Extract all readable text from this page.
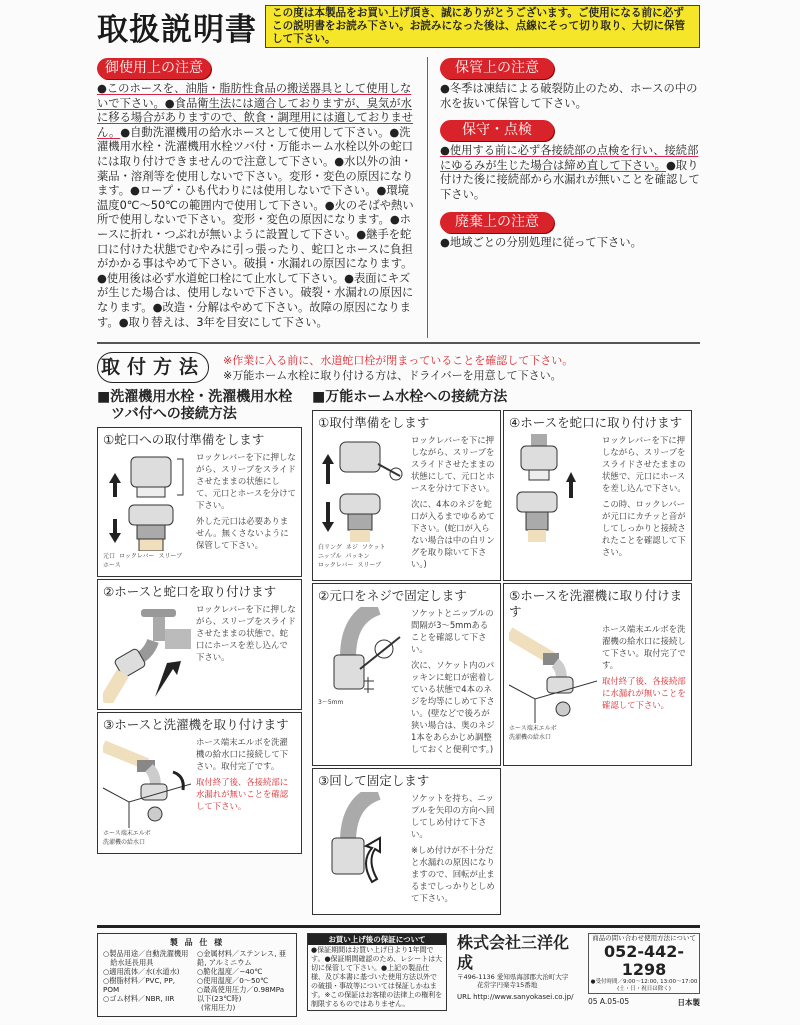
取扱説明書	この度は本製品をお買い上げ頂き、誠にありがとうございます。ご使用になる前に必ずこの説明書をお読み下さい。お読みになった後は、点線にそって切り取り、大切に保管して下さい。
御使用上の注意
●このホースを、油脂・脂肪性食品の搬送器具として使用しないで下さい。●食品衛生法には適合しておりますが、臭気が水に移る場合がありますので、飲食・調理用には適しておりません。●自動洗濯機用の給水ホースとして使用して下さい。●洗濯機用水栓・洗濯機用水栓ツバ付・万能ホーム水栓以外の蛇口には取り付けできませんので注意して下さい。●水以外の油・薬品・溶剤等を使用しないで下さい。変形・変色の原因になります。●ロープ・ひも代わりには使用しないで下さい。●環境温度0℃〜50℃の範囲内で使用して下さい。●火のそばや熱い所で使用しないで下さい。変形・変色の原因になります。●ホースに折れ・つぶれが無いように設置して下さい。●継手を蛇口に付けた状態でむやみに引っ張ったり、蛇口とホースに負担がかかる事はやめて下さい。破損・水漏れの原因になります。●使用後は必ず水道蛇口栓にて止水して下さい。●表面にキズが生じた場合は、使用しないで下さい。破裂・水漏れの原因になります。●改造・分解はやめて下さい。故障の原因になります。●取り替えは、3年を目安にして下さい。
保管上の注意
●冬季は凍結による破裂防止のため、ホースの中の水を抜いて保管して下さい。
保守・点検
●使用する前に必ず各接続部の点検を行い、接続部にゆるみが生じた場合は締め直して下さい。●取り付けた後に接続部から水漏れが無いことを確認して下さい。
廃棄上の注意
●地域ごとの分別処理に従って下さい。
取付方法	※作業に入る前に、水道蛇口栓が閉まっていることを確認して下さい。
※万能ホーム水栓に取り付ける方は、ドライバーを用意して下さい。
■洗濯機用水栓・洗濯機用水栓
ツバ付への接続方法
①蛇口への取付準備をします
元口 ロックレバー スリーブ
ホース
ロックレバーを下に押しながら、スリーブをスライドさせたままの状態にして、元口とホースを分けて下さい。
外した元口は必要ありません。無くさないように保管して下さい。
②ホースと蛇口を取り付けます
ロックレバーを下に押しながら、スリーブをスライドさせたままの状態で、蛇口にホースを差し込んで下さい。
③ホースと洗濯機を取り付けます
ホース端末エルボ
洗濯機の給水口
ホース端末エルボを洗濯機の給水口に接続して下さい。取付完了です。
取付終了後、各接続部に水漏れが無いことを確認して下さい。
■万能ホーム水栓への接続方法
①取付準備をします
白リング ネジ ソケット
ニップル パッキン
ロックレバー スリーブ
ロックレバーを下に押しながら、スリーブをスライドさせたままの状態にして、元口とホースを分けて下さい。
次に、4本のネジを蛇口が入るまでゆるめて下さい。(蛇口が入らない場合は中の白リングを取り除いて下さい。)
④ホースを蛇口に取り付けます
ロックレバーを下に押しながら、スリーブをスライドさせたままの状態で、元口にホースを差し込んで下さい。
この時、ロックレバーが元口にカチッと音がしてしっかりと接続されたことを確認して下さい。
②元口をネジで固定します
3〜5mm
ソケットとニップルの間隔が3〜5mmあることを確認して下さい。
次に、ソケット内のパッキンに蛇口が密着している状態で4本のネジを均等にしめて下さい。(壁などで後ろが狭い場合は、奥のネジ1本をあらかじめ調整しておくと便利です。)
⑤ホースを洗濯機に取り付けます
ホース端末エルボ
洗濯機の給水口
ホース端末エルボを洗濯機の給水口に接続して下さい。取付完了です。
取付終了後、各接続部に水漏れが無いことを確認して下さい。
③回して固定します
ソケットを持ち、ニップルを矢印の方向へ回してしめ付けて下さい。
※しめ付けが不十分だと水漏れの原因になりますので、回転が止まるまでしっかりとしめて下さい。
製 品 仕 様
○製品用途／自動洗濯機用
　給水延長用具
○適用流体／水(水道水)
○樹脂材料／PVC, PP, POM
○ゴム材料／NBR, IIR
○金属材料／ステンレス, 亜鉛, アルミニウム
○脆化温度／−40℃
○使用温度／0〜50℃
○最高使用圧力／0.98MPa以下(23℃時)
(常用圧力)
お買い上げ後の保証について
●保証期間はお買い上げ日より1年間です。●保証期間確認のため、レシートは大切に保管して下さい。●上記の製品仕様、及び本書に基づいた使用方法以外での破損・事故等については保証しかねます。※この保証はお客様の法律上の権利を制限するものではありません。
株式会社三洋化成
〒496-1136 愛知県海部郡大治町大字
花常字円楽寺15番地
URL http://www.sanyokasei.co.jp/
商品の問い合わせ使用方法について
052-442-1298
●受付時間／9:00〜12:00, 13:00〜17:00
(土・日・祝日は除く)
05 A.05-05	日本製
